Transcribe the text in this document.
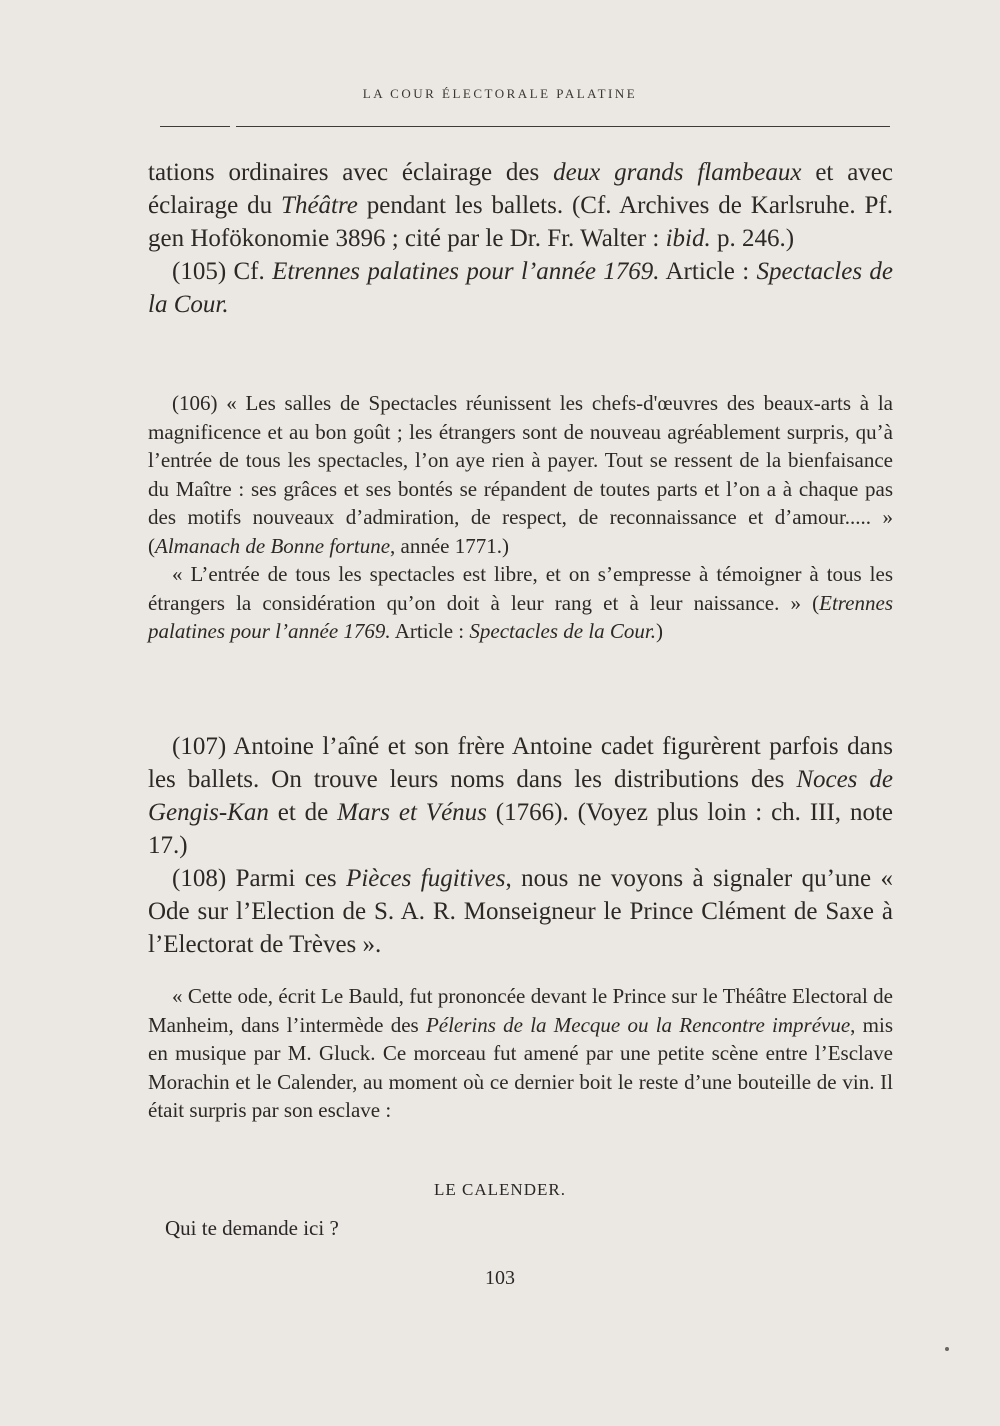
LA COUR ÉLECTORALE PALATINE

tations ordinaires avec éclairage des deux grands flambeaux et avec éclairage du Théâtre pendant les ballets. (Cf. Archives de Karlsruhe. Pf. gen Hofökonomie 3896 ; cité par le Dr. Fr. Walter : ibid. p. 246.)

(105) Cf. Etrennes palatines pour l’année 1769. Article : Spectacles de la Cour.

(106) « Les salles de Spectacles réunissent les chefs-d'œuvres des beaux-arts à la magnificence et au bon goût ; les étrangers sont de nouveau agréablement surpris, qu’à l’entrée de tous les spectacles, l’on aye rien à payer. Tout se ressent de la bienfaisance du Maître : ses grâces et ses bontés se répandent de toutes parts et l’on a à chaque pas des motifs nouveaux d’admiration, de respect, de reconnaissance et d’amour..... » (Almanach de Bonne fortune, année 1771.)

« L’entrée de tous les spectacles est libre, et on s’empresse à témoigner à tous les étrangers la considération qu’on doit à leur rang et à leur naissance. » (Etrennes palatines pour l’année 1769. Article : Spectacles de la Cour.)

(107) Antoine l’aîné et son frère Antoine cadet figurèrent parfois dans les ballets. On trouve leurs noms dans les distributions des Noces de Gengis-Kan et de Mars et Vénus (1766). (Voyez plus loin : ch. III, note 17.)

(108) Parmi ces Pièces fugitives, nous ne voyons à signaler qu’une « Ode sur l’Election de S. A. R. Monseigneur le Prince Clément de Saxe à l’Electorat de Trèves ».

« Cette ode, écrit Le Bauld, fut prononcée devant le Prince sur le Théâtre Electoral de Manheim, dans l’intermède des Pélerins de la Mecque ou la Rencontre imprévue, mis en musique par M. Gluck. Ce morceau fut amené par une petite scène entre l’Esclave Morachin et le Calender, au moment où ce dernier boit le reste d’une bouteille de vin. Il était surpris par son esclave :

LE CALENDER.
Qui te demande ici ?
103
